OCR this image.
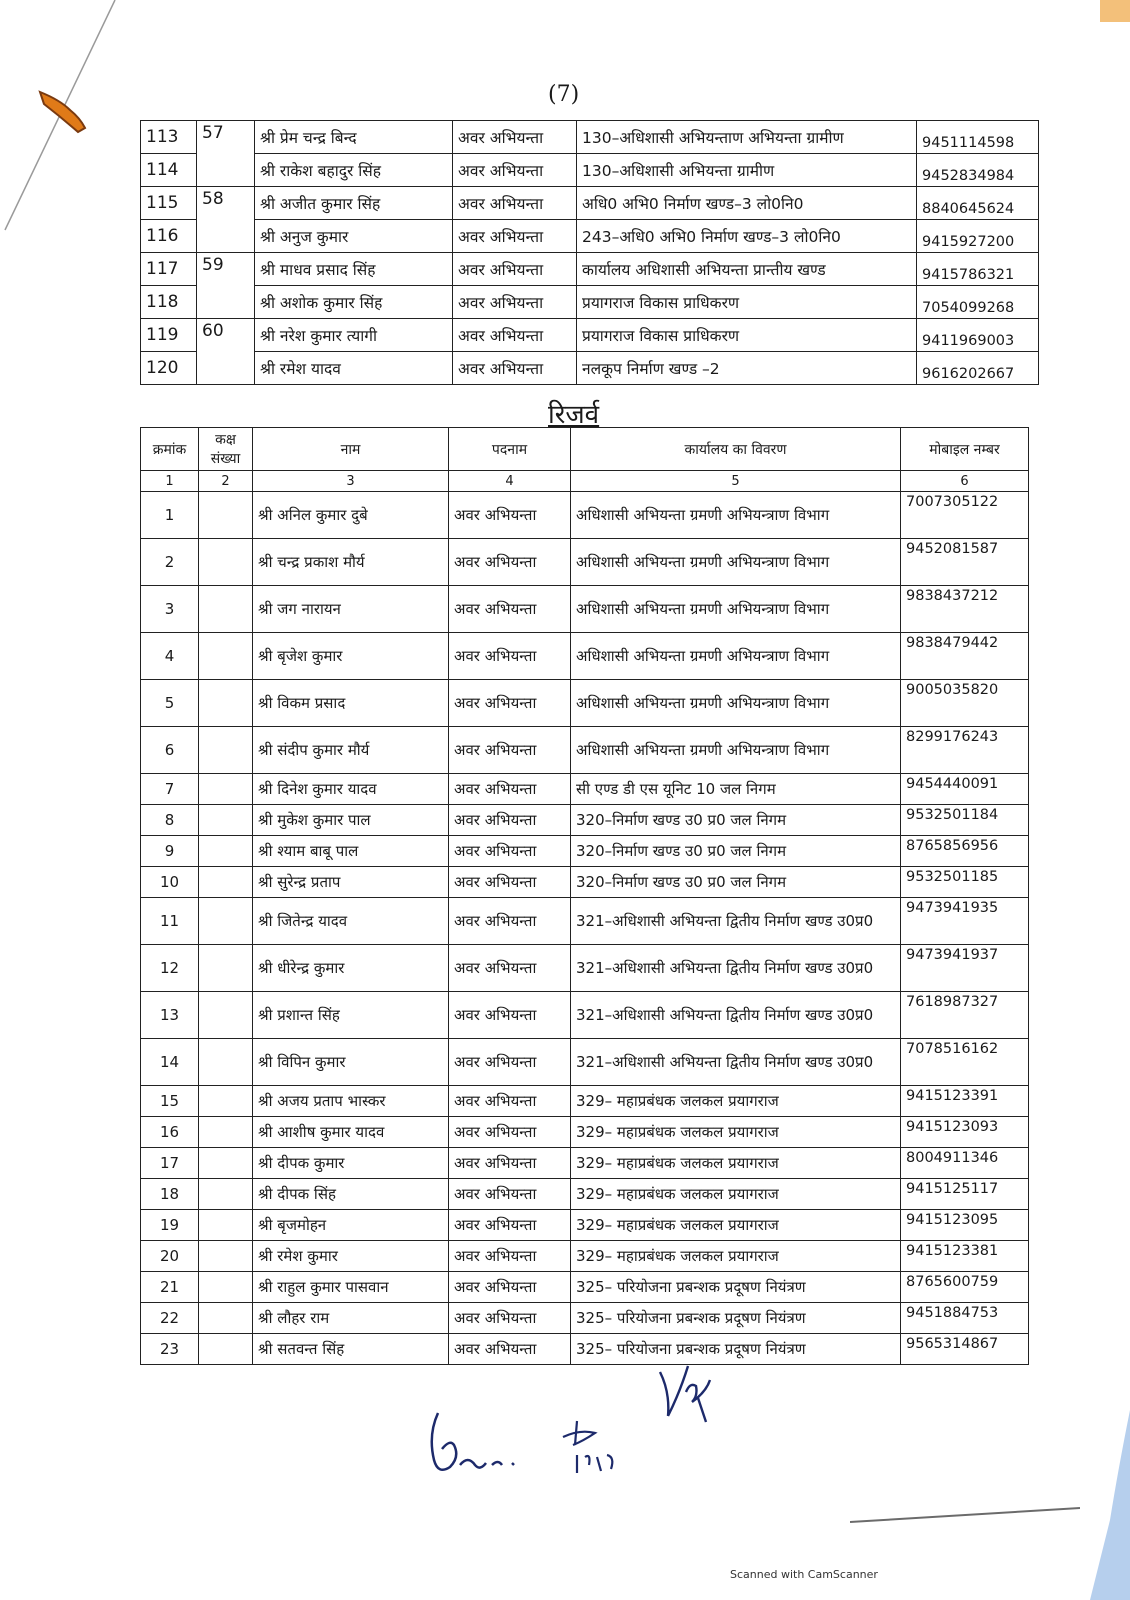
(7)
113	57	श्री प्रेम चन्द्र बिन्द	अवर अभियन्ता	130–अधिशासी अभियन्ताण अभियन्ता ग्रामीण	9451114598
114		श्री राकेश बहादुर सिंह	अवर अभियन्ता	130–अधिशासी अभियन्ता ग्रामीण	9452834984
115	58	श्री अजीत कुमार सिंह	अवर अभियन्ता	अधि0 अभि0 निर्माण खण्ड–3 लो0नि0	8840645624
116		श्री अनुज कुमार	अवर अभियन्ता	243–अधि0 अभि0 निर्माण खण्ड–3 लो0नि0	9415927200
117	59	श्री माधव प्रसाद सिंह	अवर अभियन्ता	कार्यालय अधिशासी अभियन्ता प्रान्तीय खण्ड	9415786321
118		श्री अशोक कुमार सिंह	अवर अभियन्ता	प्रयागराज विकास प्राधिकरण	7054099268
119	60	श्री नरेश कुमार त्यागी	अवर अभियन्ता	प्रयागराज विकास प्राधिकरण	9411969003
120		श्री रमेश यादव	अवर अभियन्ता	नलकूप निर्माण खण्ड –2	9616202667
रिजर्व
क्रमांक	कक्ष संख्या	नाम	पदनाम	कार्यालय का विवरण	मोबाइल नम्बर
1	2	3	4	5	6
1		श्री अनिल कुमार दुबे	अवर अभियन्ता	अधिशासी अभियन्ता ग्रमणी अभियन्त्राण विभाग	7007305122
2		श्री चन्द्र प्रकाश मौर्य	अवर अभियन्ता	अधिशासी अभियन्ता ग्रमणी अभियन्त्राण विभाग	9452081587
3		श्री जग नारायन	अवर अभियन्ता	अधिशासी अभियन्ता ग्रमणी अभियन्त्राण विभाग	9838437212
4		श्री बृजेश कुमार	अवर अभियन्ता	अधिशासी अभियन्ता ग्रमणी अभियन्त्राण विभाग	9838479442
5		श्री विकम प्रसाद	अवर अभियन्ता	अधिशासी अभियन्ता ग्रमणी अभियन्त्राण विभाग	9005035820
6		श्री संदीप कुमार मौर्य	अवर अभियन्ता	अधिशासी अभियन्ता ग्रमणी अभियन्त्राण विभाग	8299176243
7		श्री दिनेश कुमार यादव	अवर अभियन्ता	सी एण्ड डी एस यूनिट 10 जल निगम	9454440091
8		श्री मुकेश कुमार पाल	अवर अभियन्ता	320–निर्माण खण्ड उ0 प्र0 जल निगम	9532501184
9		श्री श्याम बाबू पाल	अवर अभियन्ता	320–निर्माण खण्ड उ0 प्र0 जल निगम	8765856956
10		श्री सुरेन्द्र प्रताप	अवर अभियन्ता	320–निर्माण खण्ड उ0 प्र0 जल निगम	9532501185
11		श्री जितेन्द्र यादव	अवर अभियन्ता	321–अधिशासी अभियन्ता द्वितीय निर्माण खण्ड उ0प्र0	9473941935
12		श्री धीरेन्द्र कुमार	अवर अभियन्ता	321–अधिशासी अभियन्ता द्वितीय निर्माण खण्ड उ0प्र0	9473941937
13		श्री प्रशान्त सिंह	अवर अभियन्ता	321–अधिशासी अभियन्ता द्वितीय निर्माण खण्ड उ0प्र0	7618987327
14		श्री विपिन कुमार	अवर अभियन्ता	321–अधिशासी अभियन्ता द्वितीय निर्माण खण्ड उ0प्र0	7078516162
15		श्री अजय प्रताप भास्कर	अवर अभियन्ता	329– महाप्रबंधक जलकल प्रयागराज	9415123391
16		श्री आशीष कुमार यादव	अवर अभियन्ता	329– महाप्रबंधक जलकल प्रयागराज	9415123093
17		श्री दीपक कुमार	अवर अभियन्ता	329– महाप्रबंधक जलकल प्रयागराज	8004911346
18		श्री दीपक सिंह	अवर अभियन्ता	329– महाप्रबंधक जलकल प्रयागराज	9415125117
19		श्री बृजमोहन	अवर अभियन्ता	329– महाप्रबंधक जलकल प्रयागराज	9415123095
20		श्री रमेश कुमार	अवर अभियन्ता	329– महाप्रबंधक जलकल प्रयागराज	9415123381
21		श्री राहुल कुमार पासवान	अवर अभियन्ता	325– परियोजना प्रबन्शक प्रदूषण नियंत्रण	8765600759
22		श्री लौहर राम	अवर अभियन्ता	325– परियोजना प्रबन्शक प्रदूषण नियंत्रण	9451884753
23		श्री सतवन्त सिंह	अवर अभियन्ता	325– परियोजना प्रबन्शक प्रदूषण नियंत्रण	9565314867
Scanned with CamScanner
